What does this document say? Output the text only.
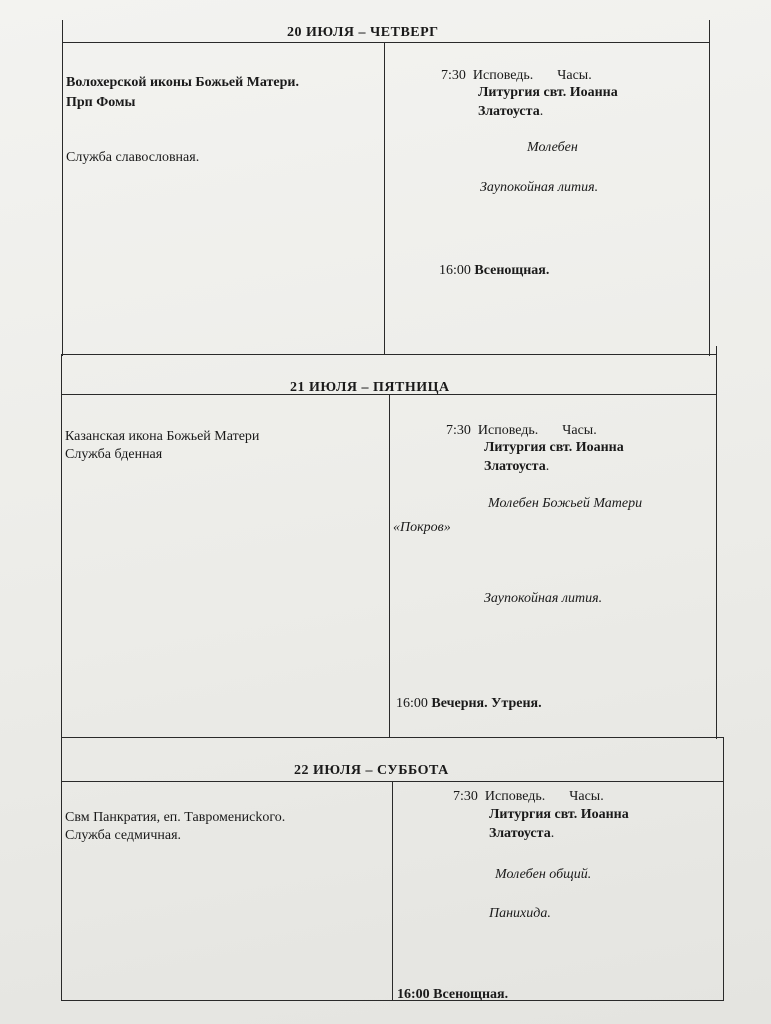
20 ИЮЛЯ – ЧЕТВЕРГ
Волохерской иконы Божьей Матери.
Прп Фомы
Служба славословная.
7:30 Исповедь. Часы.
Литургия свт. Иоанна
Златоуста.
Молебен
Заупокойная лития.
16:00 Всенощная.
21 ИЮЛЯ – ПЯТНИЦА
Казанская икона Божьей Матери
Служба бденная
7:30 Исповедь. Часы.
Литургия свт. Иоанна
Златоуста.
Молебен Божьей Матери
«Покров»
Заупокойная лития.
16:00 Вечерня. Утреня.
22 ИЮЛЯ – СУББОТА
Свм Панкратия, еп. Тавроменисkого.
Служба седмичная.
7:30 Исповедь. Часы.
Литургия свт. Иоанна
Златоуста.
Молебен общий.
Панихида.
16:00 Всенощная.
